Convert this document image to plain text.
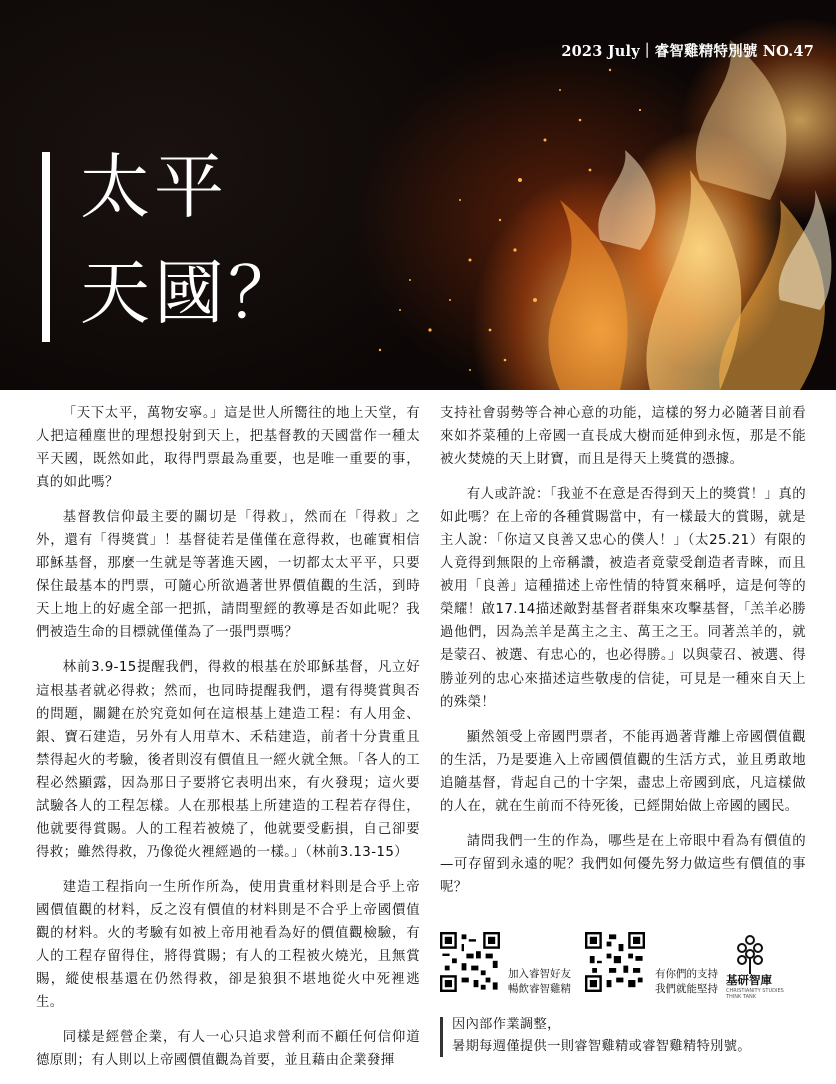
2023 July｜睿智雞精特別號 NO.47
太平
天國？

「天下太平，萬物安寧。」這是世人所嚮往的地上天堂，有人把這種塵世的理想投射到天上，把基督教的天國當作一種太平天國，既然如此，取得門票最為重要，也是唯一重要的事，真的如此嗎？

基督教信仰最主要的關切是「得救」，然而在「得救」之外，還有「得獎賞」！基督徒若是僅僅在意得救，也確實相信耶穌基督，那麼一生就是等著進天國，一切都太太平平，只要保住最基本的門票，可隨心所欲過著世界價值觀的生活，到時天上地上的好處全部一把抓，請問聖經的教導是否如此呢？我們被造生命的目標就僅僅為了一張門票嗎？

林前3.9-15提醒我們，得救的根基在於耶穌基督，凡立好這根基者就必得救；然而，也同時提醒我們，還有得獎賞與否的問題，關鍵在於究竟如何在這根基上建造工程：有人用金、銀、寶石建造，另外有人用草木、禾秸建造，前者十分貴重且禁得起火的考驗，後者則沒有價值且一經火就全無。「各人的工程必然顯露，因為那日子要將它表明出來，有火發現；這火要試驗各人的工程怎樣。人在那根基上所建造的工程若存得住，他就要得賞賜。人的工程若被燒了，他就要受虧損，自己卻要得救；雖然得救，乃像從火裡經過的一樣。」（林前3.13-15）

建造工程指向一生所作所為，使用貴重材料則是合乎上帝國價值觀的材料，反之沒有價值的材料則是不合乎上帝國價值觀的材料。火的考驗有如被上帝用祂看為好的價值觀檢驗，有人的工程存留得住，將得賞賜；有人的工程被火燒光，且無賞賜，縱使根基還在仍然得救，卻是狼狽不堪地從火中死裡逃生。

同樣是經營企業，有人一心只追求營利而不顧任何信仰道德原則；有人則以上帝國價值觀為首要，並且藉由企業發揮

支持社會弱勢等合神心意的功能，這樣的努力必隨著目前看來如芥菜種的上帝國一直長成大樹而延伸到永恆，那是不能被火焚燒的天上財寶，而且是得天上獎賞的憑據。

有人或許說：「我並不在意是否得到天上的獎賞！」真的如此嗎？在上帝的各種賞賜當中，有一樣最大的賞賜，就是主人說：「你這又良善又忠心的僕人！」（太25.21）有限的人竟得到無限的上帝稱讚，被造者竟蒙受創造者青睞，而且被用「良善」這種描述上帝性情的特質來稱呼，這是何等的榮耀！啟17.14描述敵對基督者群集來攻擊基督，「羔羊必勝過他們，因為羔羊是萬主之主、萬王之王。同著羔羊的，就是蒙召、被選、有忠心的，也必得勝。」以與蒙召、被選、得勝並列的忠心來描述這些敬虔的信徒，可見是一種來自天上的殊榮！

顯然領受上帝國門票者，不能再過著背離上帝國價值觀的生活，乃是要進入上帝國價值觀的生活方式，並且勇敢地追隨基督，背起自己的十字架，盡忠上帝國到底，凡這樣做的人在，就在生前而不待死後，已經開始做上帝國的國民。

請問我們一生的作為，哪些是在上帝眼中看為有價值的—可存留到永遠的呢？我們如何優先努力做這些有價值的事呢？

加入睿智好友
暢飲睿智雞精
有你們的支持
我們就能堅持
基研智庫
CHRISTIANITY STUDIES THINK TANK
因內部作業調整，
暑期每週僅提供一則睿智雞精或睿智雞精特別號。
